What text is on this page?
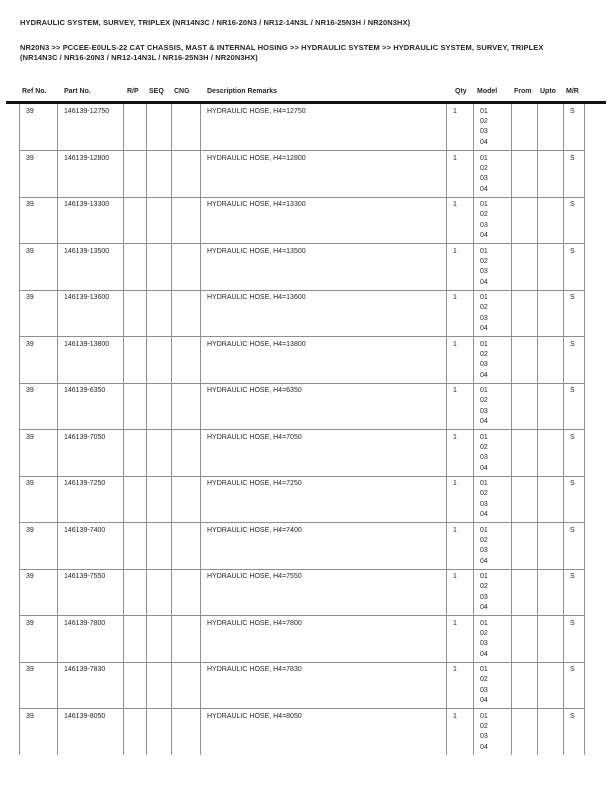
HYDRAULIC SYSTEM, SURVEY, TRIPLEX (NR14N3C / NR16-20N3 / NR12-14N3L / NR16-25N3H / NR20N3HX)
NR20N3 >> PCCEE-E0ULS-22 CAT CHASSIS, MAST & INTERNAL HOSING >> HYDRAULIC SYSTEM >> HYDRAULIC SYSTEM, SURVEY, TRIPLEX (NR14N3C / NR16-20N3 / NR12-14N3L / NR16-25N3H / NR20N3HX)
Ref No.	Part No.	R/P	SEQ	CNG	Description Remarks	Qty	Model	From	Upto	M/R
39	146139-12750				HYDRAULIC HOSE, H4=12750	1	01
02
03
04			S
39	146139-12800				HYDRAULIC HOSE, H4=12800	1	01
02
03
04			S
39	146139-13300				HYDRAULIC HOSE, H4=13300	1	01
02
03
04			S
39	146139-13500				HYDRAULIC HOSE, H4=13500	1	01
02
03
04			S
39	146139-13600				HYDRAULIC HOSE, H4=13600	1	01
02
03
04			S
39	146139-13800				HYDRAULIC HOSE, H4=13800	1	01
02
03
04			S
39	146139-6350				HYDRAULIC HOSE, H4=6350	1	01
02
03
04			S
39	146139-7050				HYDRAULIC HOSE, H4=7050	1	01
02
03
04			S
39	146139-7250				HYDRAULIC HOSE, H4=7250	1	01
02
03
04			S
39	146139-7400				HYDRAULIC HOSE, H4=7400	1	01
02
03
04			S
39	146139-7550				HYDRAULIC HOSE, H4=7550	1	01
02
03
04			S
39	146139-7800				HYDRAULIC HOSE, H4=7800	1	01
02
03
04			S
39	146139-7830				HYDRAULIC HOSE, H4=7830	1	01
02
03
04			S
39	146139-8050				HYDRAULIC HOSE, H4=8050	1	01
02
03
04			S
